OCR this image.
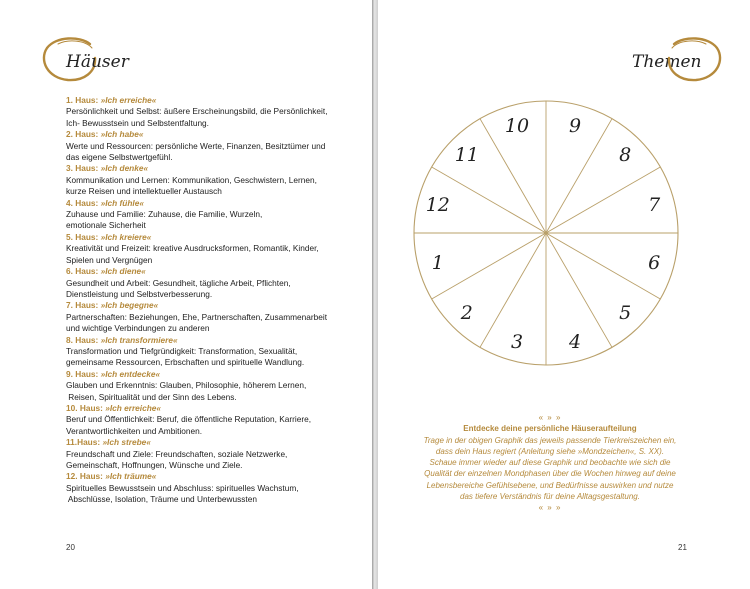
Häuser
1. Haus: »Ich erreiche«
Persönlichkeit und Selbst: äußere Erscheinungsbild, die Persönlichkeit,
Ich- Bewusstsein und Selbstentfaltung.
2. Haus: »Ich habe«
Werte und Ressourcen: persönliche Werte, Finanzen, Besitztümer und
das eigene Selbstwertgefühl.
3. Haus: »Ich denke«
Kommunikation und Lernen: Kommunikation, Geschwistern, Lernen,
kurze Reisen und intellektueller Austausch
4. Haus: »Ich fühle«
Zuhause und Familie: Zuhause, die Familie, Wurzeln,
emotionale Sicherheit
5. Haus: »Ich kreiere«
Kreativität und Freizeit: kreative Ausdrucksformen, Romantik, Kinder,
Spielen und Vergnügen
6. Haus: »Ich diene«
Gesundheit und Arbeit: Gesundheit, tägliche Arbeit, Pflichten,
Dienstleistung und Selbstverbesserung.
7. Haus: »Ich begegne«
Partnerschaften: Beziehungen, Ehe, Partnerschaften, Zusammenarbeit
und wichtige Verbindungen zu anderen
8. Haus: »Ich transformiere«
Transformation und Tiefgründigkeit: Transformation, Sexualität,
gemeinsame Ressourcen, Erbschaften und spirituelle Wandlung.
9. Haus: »Ich entdecke«
Glauben und Erkenntnis: Glauben, Philosophie, höherem Lernen,
Reisen, Spiritualität und der Sinn des Lebens.
10. Haus: »Ich erreiche«
Beruf und Öffentlichkeit: Beruf, die öffentliche Reputation, Karriere,
Verantwortlichkeiten und Ambitionen.
11.Haus: »Ich strebe«
Freundschaft und Ziele: Freundschaften, soziale Netzwerke,
Gemeinschaft, Hoffnungen, Wünsche und Ziele.
12. Haus: »Ich träume«
Spirituelles Bewusstsein und Abschluss: spirituelles Wachstum,
Abschlüsse, Isolation, Träume und Unterbewussten
20
Themen
21
10 9
8
7
6
5
4
3
2
1
12
11
« » »
Entdecke deine persönliche Häuseraufteilung
Trage in der obigen Graphik das jeweils passende Tierkreiszeichen ein,
dass dein Haus regiert (Anleitung siehe »Mondzeichen«, S. XX).
Schaue immer wieder auf diese Graphik und beobachte wie sich die
Qualität der einzelnen Mondphasen über die Wochen hinweg auf deine
Lebensbereiche Gefühlsebene, und Bedürfnisse auswirken und nutze
das tiefere Verständnis für deine Alltagsgestaltung.
« » »
